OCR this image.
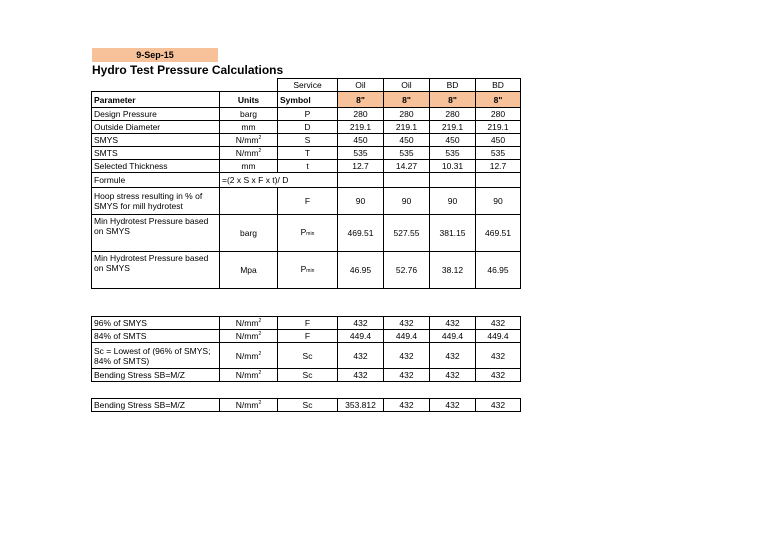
9-Sep-15
Hydro Test Pressure Calculations
		Service	Oil	Oil	BD	BD
Parameter	Units	Symbol	8"	8"	8"	8"
Design Pressure	barg	P	280	280	280	280
Outside Diameter	mm	D	219.1	219.1	219.1	219.1
SMYS	$N/mm^2$	S	450	450	450	450
SMTS	$N/mm^2$	T	535	535	535	535
Selected Thickness	mm	t	12.7	14.27	10.31	12.7
Formule	=(2 x S x F x t)/ D					
Hoop stress resulting in % of SMYS for mill hydrotest		F	90	90	90	90
Min Hydrotest Pressure based on SMYS	barg	Pmin	469.51	527.55	381.15	469.51
Min Hydrotest Pressure based on SMYS	Mpa	Pmin	46.95	52.76	38.12	46.95
96% of SMYS	$N/mm^2$	F	432	432	432	432
84% of SMTS	$N/mm^2$	F	449.4	449.4	449.4	449.4
Sc = Lowest of (96% of SMYS; 84% of SMTS)	$N/mm^2$	Sc	432	432	432	432
Bending Stress SB=M/Z	$N/mm^2$	Sc	432	432	432	432
Bending Stress SB=M/Z	$N/mm^2$	Sc	353.812	432	432	432
